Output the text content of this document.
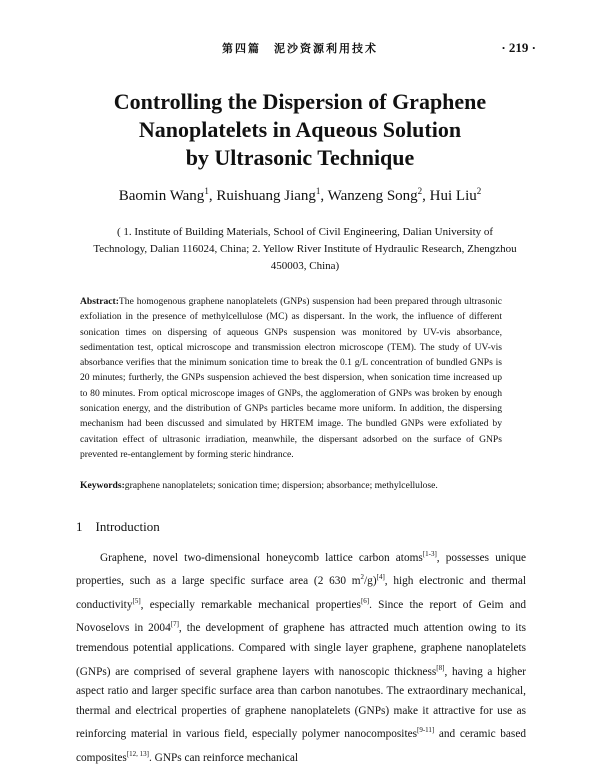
第四篇　泥沙资源利用技术	· 219 ·
Controlling the Dispersion of Graphene
Nanoplatelets in Aqueous Solution
by Ultrasonic Technique
Baomin Wang$^1$, Ruishuang Jiang$^1$, Wanzeng Song$^2$, Hui Liu$^2$
( 1. Institute of Building Materials, School of Civil Engineering, Dalian University of Technology, Dalian 116024, China; 2. Yellow River Institute of Hydraulic Research, Zhengzhou 450003, China)
Abstract:The homogenous graphene nanoplatelets (GNPs) suspension had been prepared through ultrasonic exfoliation in the presence of methylcellulose (MC) as dispersant. In the work, the influence of different sonication times on dispersing of aqueous GNPs suspension was monitored by UV-vis absorbance, sedimentation test, optical microscope and transmission electron microscope (TEM). The study of UV-vis absorbance verifies that the minimum sonication time to break the 0.1 g/L concentration of bundled GNPs is 20 minutes; furtherly, the GNPs suspension achieved the best dispersion, when sonication time increased up to 80 minutes. From optical microscope images of GNPs, the agglomeration of GNPs was broken by enough sonication energy, and the distribution of GNPs particles became more uniform. In addition, the dispersing mechanism had been discussed and simulated by HRTEM image. The bundled GNPs were exfoliated by cavitation effect of ultrasonic irradiation, meanwhile, the dispersant adsorbed on the surface of GNPs prevented re-entanglement by forming steric hindrance.
Keywords:graphene nanoplatelets; sonication time; dispersion; absorbance; methylcellulose.
1　Introduction

Graphene, novel two-dimensional honeycomb lattice carbon atoms[1-3], possesses unique properties, such as a large specific surface area (2 630 $m^2/g)[4]$, high electronic and thermal conductivity[5], especially remarkable mechanical properties[6]. Since the report of Geim and Novoselovs in 2004[7], the development of graphene has attracted much attention owing to its tremendous potential applications. Compared with single layer graphene, graphene nanoplatelets (GNPs) are comprised of several graphene layers with nanoscopic thickness[8], having a higher aspect ratio and larger specific surface area than carbon nanotubes. The extraordinary mechanical, thermal and electrical properties of graphene nanoplatelets (GNPs) make it attractive for use as reinforcing material in various field, especially polymer nanocomposites[9-11] and ceramic based composites[12, 13]. GNPs can reinforce mechanical
